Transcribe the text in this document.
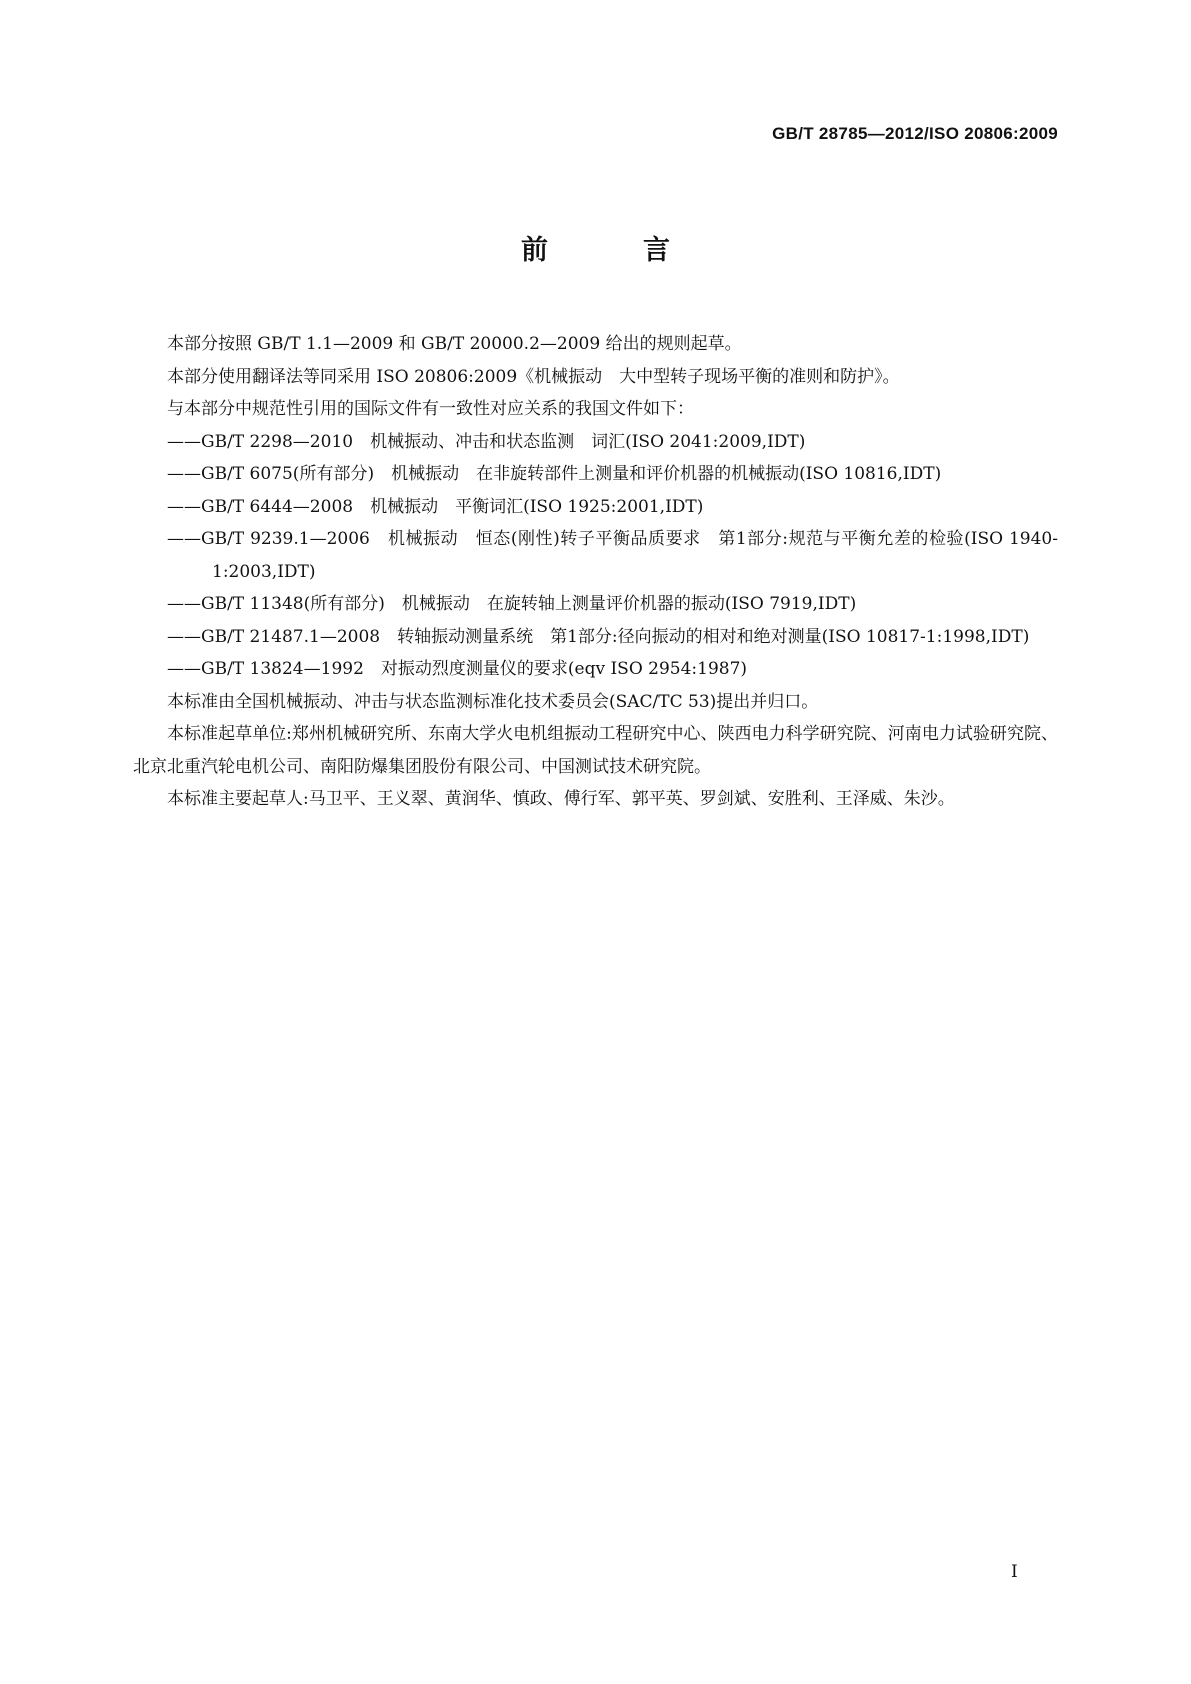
GB/T 28785—2012/ISO 20806:2009
前　言

本部分按照 GB/T 1.1—2009 和 GB/T 20000.2—2009 给出的规则起草。

本部分使用翻译法等同采用 ISO 20806:2009《机械振动　大中型转子现场平衡的准则和防护》。

与本部分中规范性引用的国际文件有一致性对应关系的我国文件如下：

——GB/T 2298—2010　机械振动、冲击和状态监测　词汇(ISO 2041:2009,IDT)

——GB/T 6075(所有部分)　机械振动　在非旋转部件上测量和评价机器的机械振动(ISO 10816,IDT)

——GB/T 6444—2008　机械振动　平衡词汇(ISO 1925:2001,IDT)

——GB/T 9239.1—2006　机械振动　恒态(刚性)转子平衡品质要求　第1部分:规范与平衡允差的检验(ISO 1940-1:2003,IDT)

——GB/T 11348(所有部分)　机械振动　在旋转轴上测量评价机器的振动(ISO 7919,IDT)

——GB/T 21487.1—2008　转轴振动测量系统　第1部分:径向振动的相对和绝对测量(ISO 10817-1:1998,IDT)

——GB/T 13824—1992　对振动烈度测量仪的要求(eqv ISO 2954:1987)

本标准由全国机械振动、冲击与状态监测标准化技术委员会(SAC/TC 53)提出并归口。

本标准起草单位:郑州机械研究所、东南大学火电机组振动工程研究中心、陕西电力科学研究院、河南电力试验研究院、北京北重汽轮电机公司、南阳防爆集团股份有限公司、中国测试技术研究院。

本标准主要起草人:马卫平、王义翠、黄润华、慎政、傅行军、郭平英、罗剑斌、安胜利、王泽威、朱沙。

I
